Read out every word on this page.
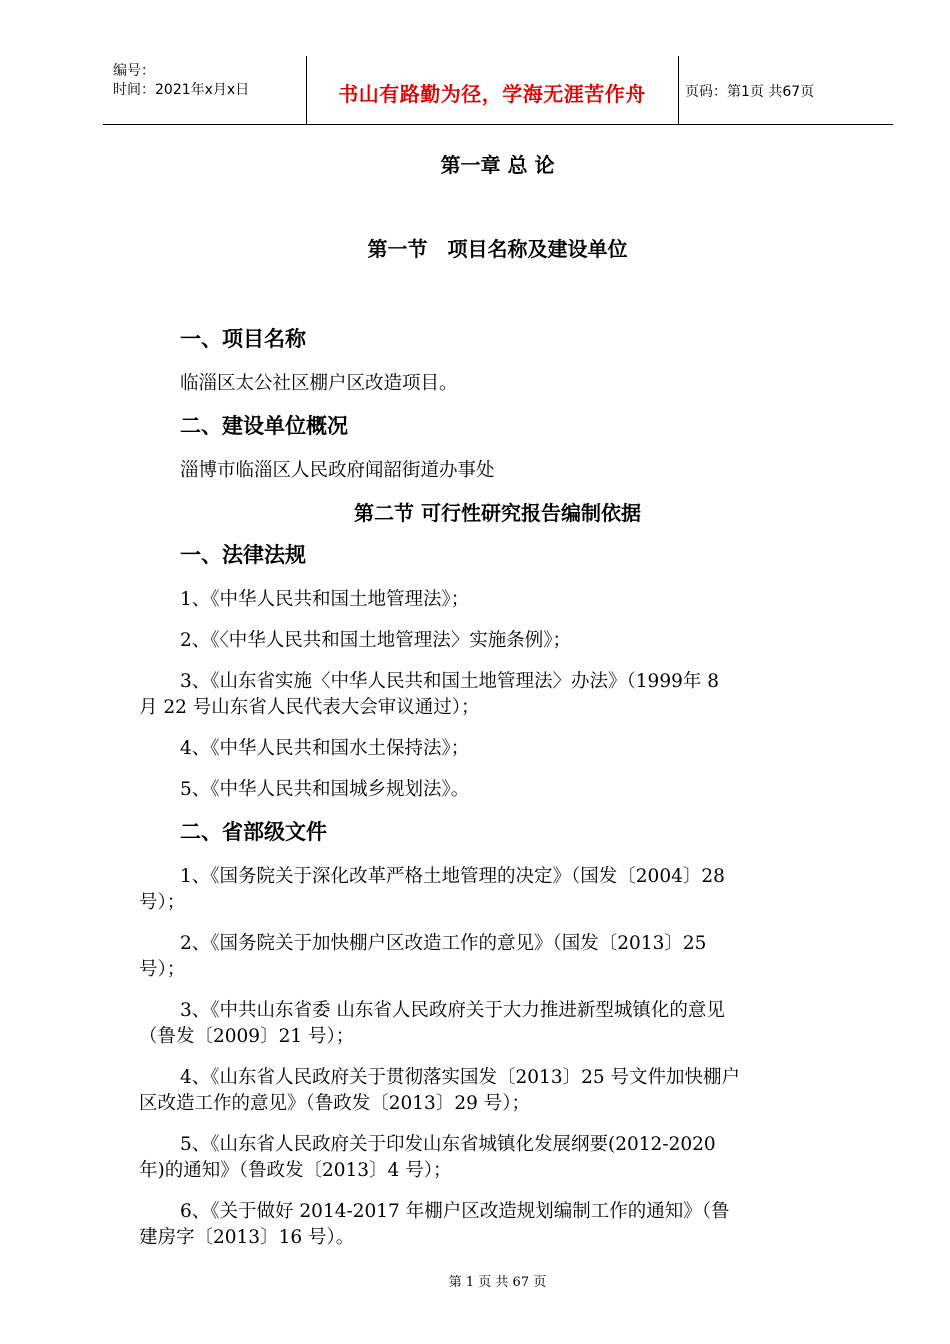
编号：
时间：2021年x月x日	书山有路勤为径，学海无涯苦作舟	页码：第1页 共67页
第一章 总 论
第一节　项目名称及建设单位
一、项目名称
临淄区太公社区棚户区改造项目。
二、建设单位概况
淄博市临淄区人民政府闻韶街道办事处
第二节 可行性研究报告编制依据
一、法律法规
1、《中华人民共和国土地管理法》；
2、《〈中华人民共和国土地管理法〉实施条例》；
3、《山东省实施〈中华人民共和国土地管理法〉办法》（1999年 8
月 22 号山东省人民代表大会审议通过）；
4、《中华人民共和国水土保持法》；
5、《中华人民共和国城乡规划法》。
二、省部级文件
1、《国务院关于深化改革严格土地管理的决定》（国发〔2004〕28
号）；
2、《国务院关于加快棚户区改造工作的意见》（国发〔2013〕25
号）；
3、《中共山东省委 山东省人民政府关于大力推进新型城镇化的意见
（鲁发〔2009〕21 号）；
4、《山东省人民政府关于贯彻落实国发〔2013〕25 号文件加快棚户
区改造工作的意见》（鲁政发〔2013〕29 号）；
5、《山东省人民政府关于印发山东省城镇化发展纲要(2012-2020
年)的通知》（鲁政发〔2013〕4 号）；
6、《关于做好 2014-2017 年棚户区改造规划编制工作的通知》（鲁
建房字〔2013〕16 号）。
第 1 页 共 67 页
